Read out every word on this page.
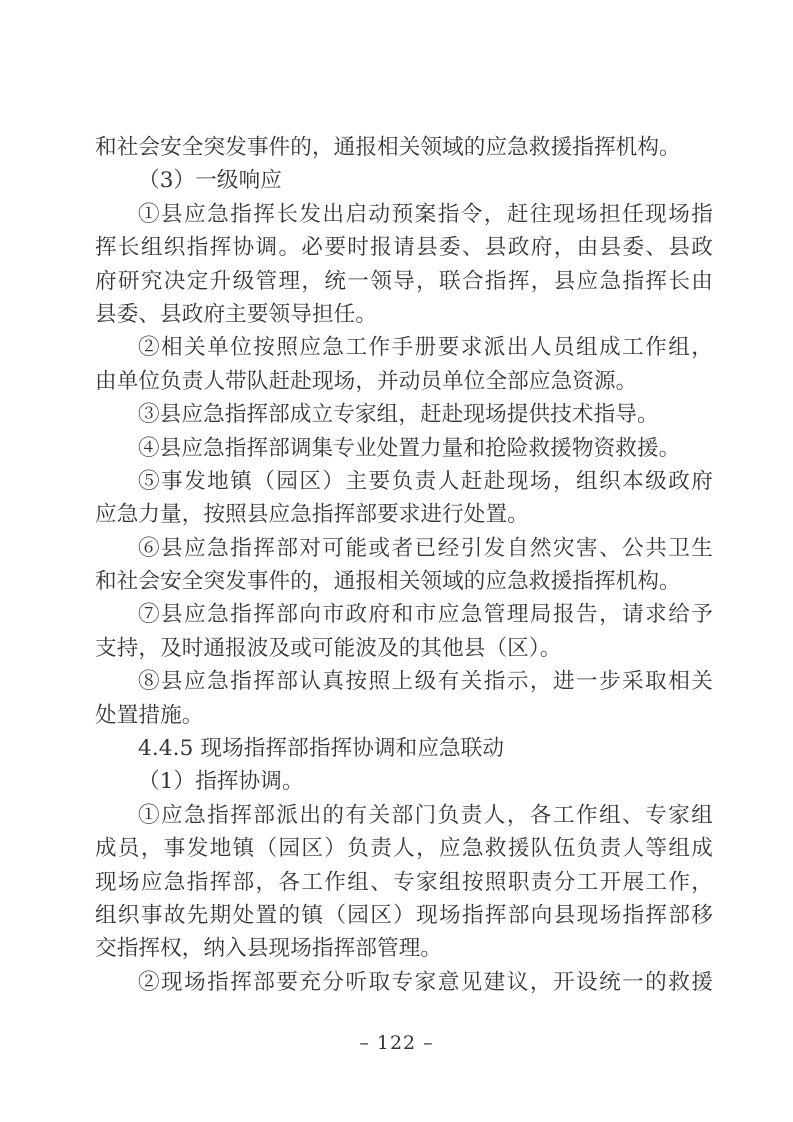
和社会安全突发事件的，通报相关领域的应急救援指挥机构。
（3）一级响应
①县应急指挥长发出启动预案指令，赶往现场担任现场指
挥长组织指挥协调。必要时报请县委、县政府，由县委、县政
府研究决定升级管理，统一领导，联合指挥，县应急指挥长由
县委、县政府主要领导担任。
②相关单位按照应急工作手册要求派出人员组成工作组，
由单位负责人带队赶赴现场，并动员单位全部应急资源。
③县应急指挥部成立专家组，赶赴现场提供技术指导。
④县应急指挥部调集专业处置力量和抢险救援物资救援。
⑤事发地镇（园区）主要负责人赶赴现场，组织本级政府
应急力量，按照县应急指挥部要求进行处置。
⑥县应急指挥部对可能或者已经引发自然灾害、公共卫生
和社会安全突发事件的，通报相关领域的应急救援指挥机构。
⑦县应急指挥部向市政府和市应急管理局报告，请求给予
支持，及时通报波及或可能波及的其他县（区）。
⑧县应急指挥部认真按照上级有关指示，进一步采取相关
处置措施。
4.4.5 现场指挥部指挥协调和应急联动
（1）指挥协调。
①应急指挥部派出的有关部门负责人，各工作组、专家组
成员，事发地镇（园区）负责人，应急救援队伍负责人等组成
现场应急指挥部，各工作组、专家组按照职责分工开展工作，
组织事故先期处置的镇（园区）现场指挥部向县现场指挥部移
交指挥权，纳入县现场指挥部管理。
②现场指挥部要充分听取专家意见建议，开设统一的救援
– 122 –
